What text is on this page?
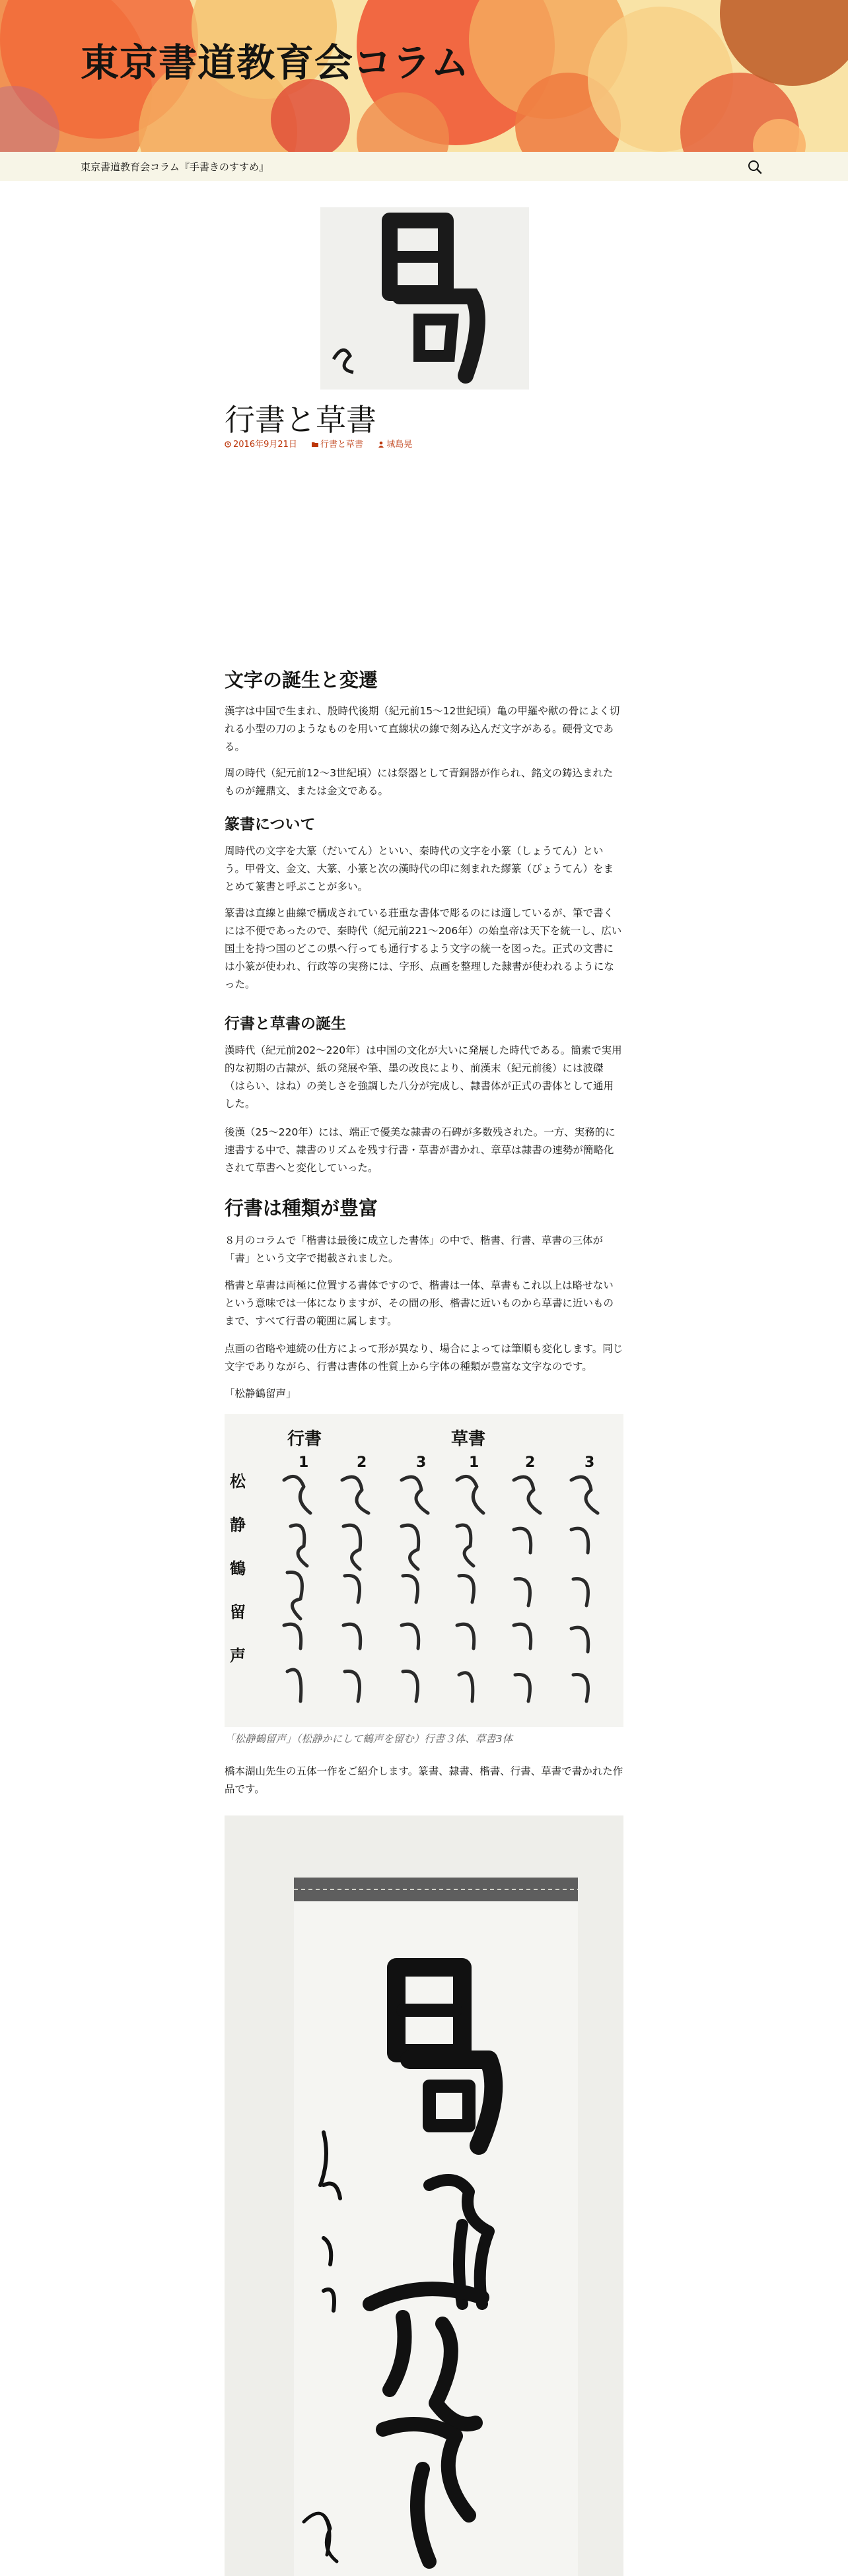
東京書道教育会コラム
東京書道教育会コラム『手書きのすすめ』
行書と草書
2016年9月21日	行書と草書	城島晃
文字の誕生と変遷

漢字は中国で生まれ、殷時代後期（紀元前15〜12世紀頃）亀の甲羅や獣の骨によく切れる小型の刀のようなものを用いて直線状の線で刻み込んだ文字がある。硬骨文である。

周の時代（紀元前12〜3世紀頃）には祭器として青銅器が作られ、銘文の鋳込まれたものが鐘鼎文、または金文である。

篆書について

周時代の文字を大篆（だいてん）といい、秦時代の文字を小篆（しょうてん）という。甲骨文、金文、大篆、小篆と次の漢時代の印に刻まれた繆篆（びょうてん）をまとめて篆書と呼ぶことが多い。

篆書は直線と曲線で構成されている荘重な書体で彫るのには適しているが、筆で書くには不便であったので、秦時代（紀元前221〜206年）の始皇帝は天下を統一し、広い国土を持つ国のどこの県へ行っても通行するよう文字の統一を図った。正式の文書には小篆が使われ、行政等の実務には、字形、点画を整理した隷書が使われるようになった。

行書と草書の誕生

漢時代（紀元前202〜220年）は中国の文化が大いに発展した時代である。簡素で実用的な初期の古隷が、紙の発展や筆、墨の改良により、前漢末（紀元前後）には波磔（はらい、はね）の美しさを強調した八分が完成し、隷書体が正式の書体として通用した。

後漢（25〜220年）には、端正で優美な隷書の石碑が多数残された。一方、実務的に速書する中で、隷書のリズムを残す行書・草書が書かれ、章草は隷書の速勢が簡略化されて草書へと変化していった。

行書は種類が豊富

８月のコラムで「楷書は最後に成立した書体」の中で、楷書、行書、草書の三体が「書」という文字で掲載されました。

楷書と草書は両極に位置する書体ですので、楷書は一体、草書もこれ以上は略せないという意味では一体になりますが、その間の形、楷書に近いものから草書に近いものまで、すべて行書の範囲に属します。

点画の省略や連続の仕方によって形が異なり、場合によっては筆順も変化します。同じ文字でありながら、行書は書体の性質上から字体の種類が豊富な文字なのです。

「松静鶴留声」

行書	草書
1	2	3	1	2	3
松
静
鶴
留
声
「松静鶴留声」（松静かにして鶴声を留む）行書３体、草書3体

橋本湖山先生の五体一作をご紹介します。篆書、隷書、楷書、行書、草書で書かれた作品です。
